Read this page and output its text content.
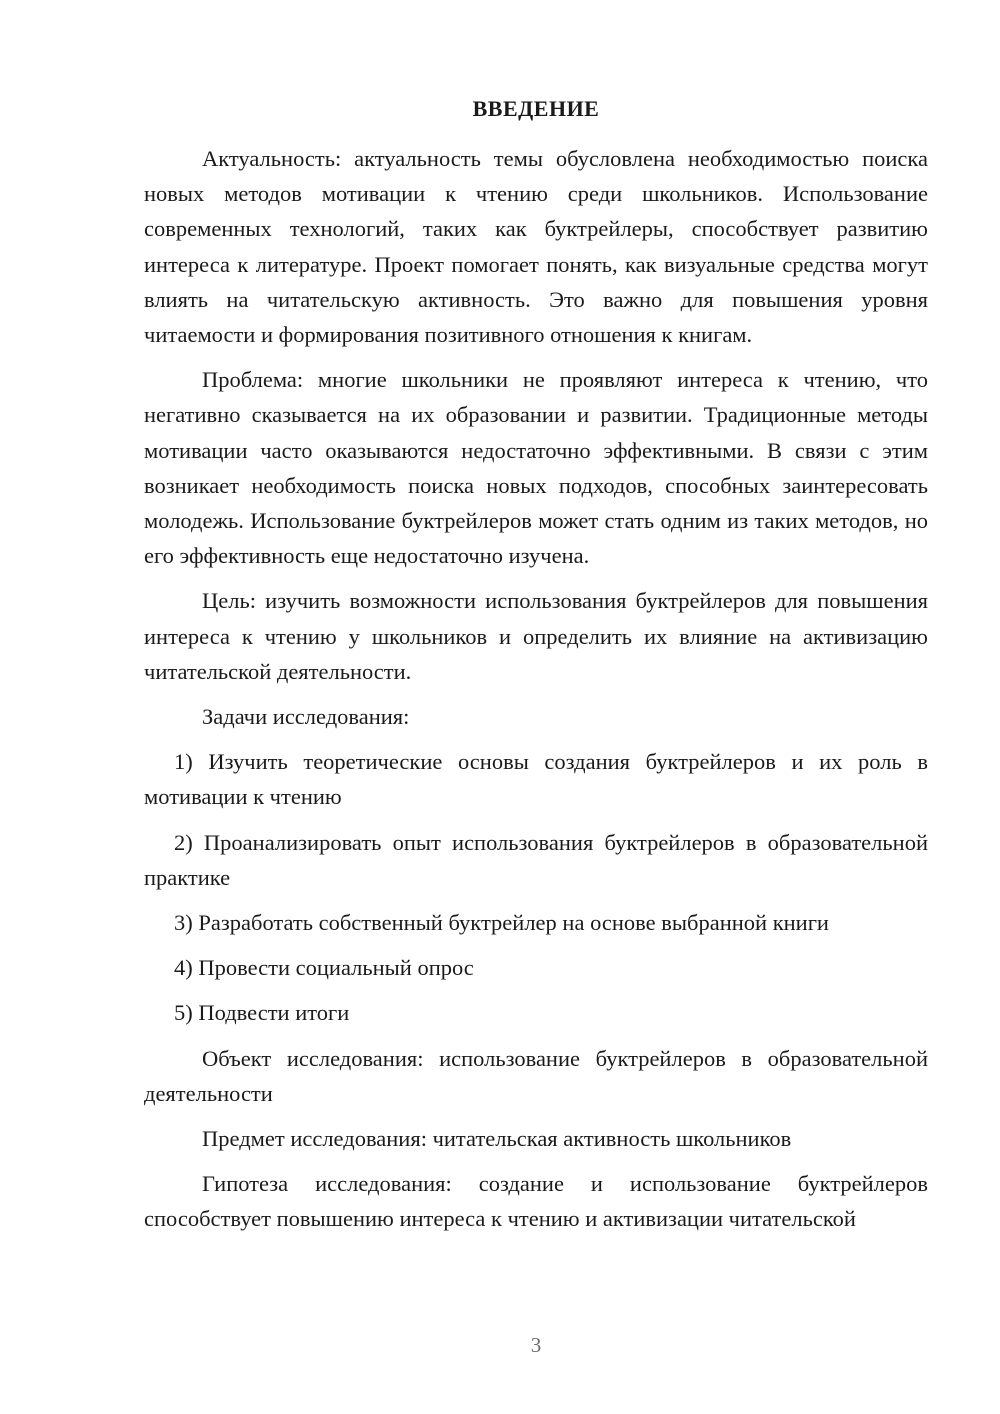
ВВЕДЕНИЕ

Актуальность: актуальность темы обусловлена необходимостью поиска новых методов мотивации к чтению среди школьников. Использование современных технологий, таких как буктрейлеры, способствует развитию интереса к литературе. Проект помогает понять, как визуальные средства могут влиять на читательскую активность. Это важно для повышения уровня читаемости и формирования позитивного отношения к книгам.

Проблема: многие школьники не проявляют интереса к чтению, что негативно сказывается на их образовании и развитии. Традиционные методы мотивации часто оказываются недостаточно эффективными. В связи с этим возникает необходимость поиска новых подходов, способных заинтересовать молодежь. Использование буктрейлеров может стать одним из таких методов, но его эффективность еще недостаточно изучена.

Цель: изучить возможности использования буктрейлеров для повышения интереса к чтению у школьников и определить их влияние на активизацию читательской деятельности.

Задачи исследования:

1) Изучить теоретические основы создания буктрейлеров и их роль в мотивации к чтению

2) Проанализировать опыт использования буктрейлеров в образовательной практике

3) Разработать собственный буктрейлер на основе выбранной книги

4) Провести социальный опрос

5) Подвести итоги

Объект исследования: использование буктрейлеров в образовательной деятельности

Предмет исследования: читательская активность школьников

Гипотеза исследования: создание и использование буктрейлеров способствует повышению интереса к чтению и активизации читательской

3
